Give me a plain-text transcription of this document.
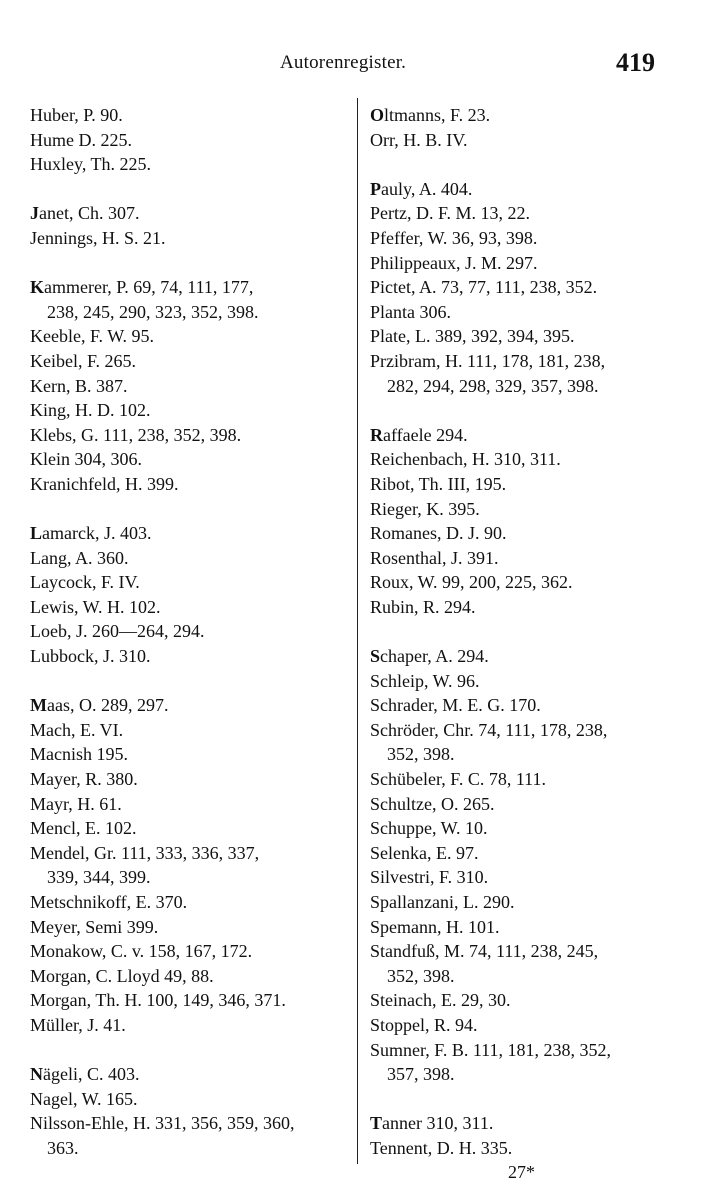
Autorenregister.	419
Huber, P. 90.
Hume D. 225.
Huxley, Th. 225.
Janet, Ch. 307.
Jennings, H. S. 21.
Kammerer, P. 69, 74, 111, 177,
238, 245, 290, 323, 352, 398.
Keeble, F. W. 95.
Keibel, F. 265.
Kern, B. 387.
King, H. D. 102.
Klebs, G. 111, 238, 352, 398.
Klein 304, 306.
Kranichfeld, H. 399.
Lamarck, J. 403.
Lang, A. 360.
Laycock, F. IV.
Lewis, W. H. 102.
Loeb, J. 260—264, 294.
Lubbock, J. 310.
Maas, O. 289, 297.
Mach, E. VI.
Macnish 195.
Mayer, R. 380.
Mayr, H. 61.
Mencl, E. 102.
Mendel, Gr. 111, 333, 336, 337,
339, 344, 399.
Metschnikoff, E. 370.
Meyer, Semi 399.
Monakow, C. v. 158, 167, 172.
Morgan, C. Lloyd 49, 88.
Morgan, Th. H. 100, 149, 346, 371.
Müller, J. 41.
Nägeli, C. 403.
Nagel, W. 165.
Nilsson-Ehle, H. 331, 356, 359, 360,
363.
Oltmanns, F. 23.
Orr, H. B. IV.
Pauly, A. 404.
Pertz, D. F. M. 13, 22.
Pfeffer, W. 36, 93, 398.
Philippeaux, J. M. 297.
Pictet, A. 73, 77, 111, 238, 352.
Planta 306.
Plate, L. 389, 392, 394, 395.
Przibram, H. 111, 178, 181, 238,
282, 294, 298, 329, 357, 398.
Raffaele 294.
Reichenbach, H. 310, 311.
Ribot, Th. III, 195.
Rieger, K. 395.
Romanes, D. J. 90.
Rosenthal, J. 391.
Roux, W. 99, 200, 225, 362.
Rubin, R. 294.
Schaper, A. 294.
Schleip, W. 96.
Schrader, M. E. G. 170.
Schröder, Chr. 74, 111, 178, 238,
352, 398.
Schübeler, F. C. 78, 111.
Schultze, O. 265.
Schuppe, W. 10.
Selenka, E. 97.
Silvestri, F. 310.
Spallanzani, L. 290.
Spemann, H. 101.
Standfuß, M. 74, 111, 238, 245,
352, 398.
Steinach, E. 29, 30.
Stoppel, R. 94.
Sumner, F. B. 111, 181, 238, 352,
357, 398.
Tanner 310, 311.
Tennent, D. H. 335.
27*
